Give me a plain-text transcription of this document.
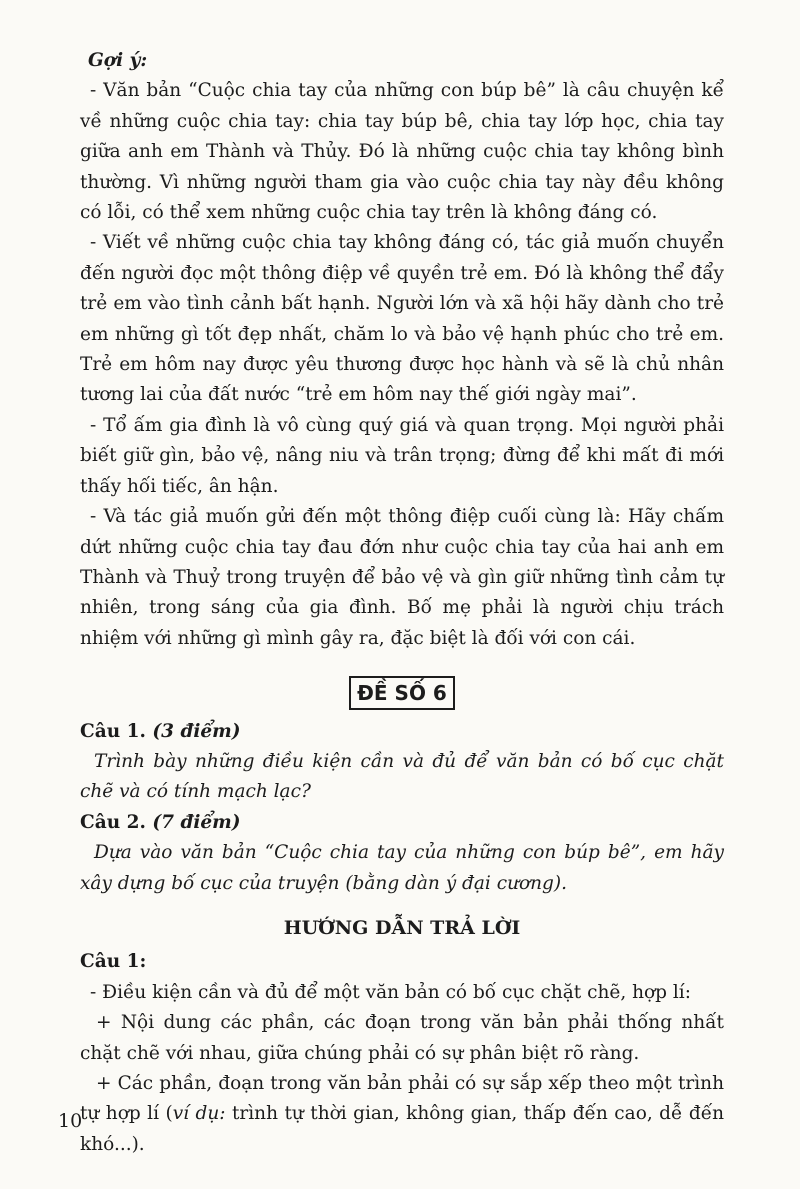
Gợi ý:

- Văn bản “Cuộc chia tay của những con búp bê” là câu chuyện kể về những cuộc chia tay: chia tay búp bê, chia tay lớp học, chia tay giữa anh em Thành và Thủy. Đó là những cuộc chia tay không bình thường. Vì những người tham gia vào cuộc chia tay này đều không có lỗi, có thể xem những cuộc chia tay trên là không đáng có.

- Viết về những cuộc chia tay không đáng có, tác giả muốn chuyển đến người đọc một thông điệp về quyền trẻ em. Đó là không thể đẩy trẻ em vào tình cảnh bất hạnh. Người lớn và xã hội hãy dành cho trẻ em những gì tốt đẹp nhất, chăm lo và bảo vệ hạnh phúc cho trẻ em. Trẻ em hôm nay được yêu thương được học hành và sẽ là chủ nhân tương lai của đất nước “trẻ em hôm nay thế giới ngày mai”.

- Tổ ấm gia đình là vô cùng quý giá và quan trọng. Mọi người phải biết giữ gìn, bảo vệ, nâng niu và trân trọng; đừng để khi mất đi mới thấy hối tiếc, ân hận.

- Và tác giả muốn gửi đến một thông điệp cuối cùng là: Hãy chấm dứt những cuộc chia tay đau đớn như cuộc chia tay của hai anh em Thành và Thuỷ trong truyện để bảo vệ và gìn giữ những tình cảm tự nhiên, trong sáng của gia đình. Bố mẹ phải là người chịu trách nhiệm với những gì mình gây ra, đặc biệt là đối với con cái.

ĐỀ SỐ 6

Câu 1. (3 điểm)

Trình bày những điều kiện cần và đủ để văn bản có bố cục chặt chẽ và có tính mạch lạc?

Câu 2. (7 điểm)

Dựa vào văn bản “Cuộc chia tay của những con búp bê”, em hãy xây dựng bố cục của truyện (bằng dàn ý đại cương).

HƯỚNG DẪN TRẢ LỜI

Câu 1:

- Điều kiện cần và đủ để một văn bản có bố cục chặt chẽ, hợp lí:

+ Nội dung các phần, các đoạn trong văn bản phải thống nhất chặt chẽ với nhau, giữa chúng phải có sự phân biệt rõ ràng.

+ Các phần, đoạn trong văn bản phải có sự sắp xếp theo một trình tự hợp lí (ví dụ: trình tự thời gian, không gian, thấp đến cao, dễ đến khó...).

10
